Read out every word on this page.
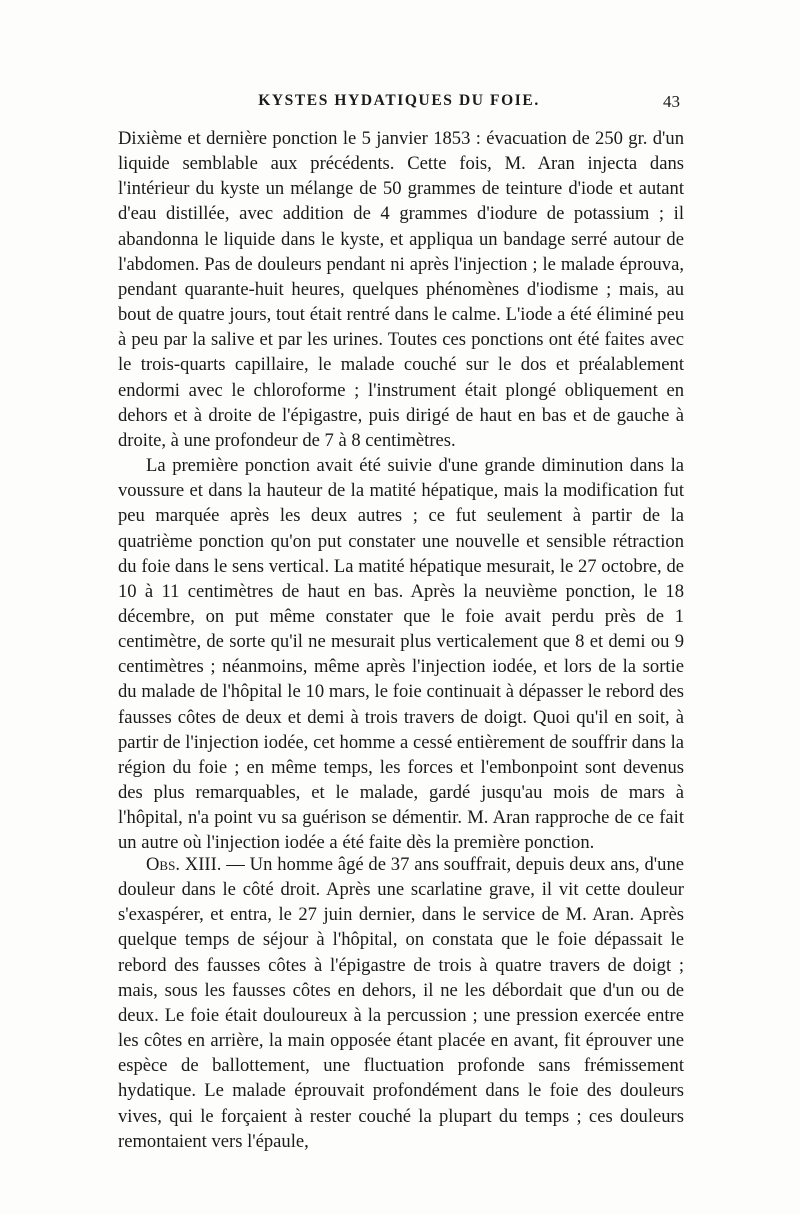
KYSTES HYDATIQUES DU FOIE.	43

Dixième et dernière ponction le 5 janvier 1853 : évacuation de 250 gr. d'un liquide semblable aux précédents. Cette fois, M. Aran injecta dans l'intérieur du kyste un mélange de 50 grammes de teinture d'iode et autant d'eau distillée, avec addition de 4 grammes d'iodure de potassium ; il abandonna le liquide dans le kyste, et appliqua un bandage serré autour de l'abdomen. Pas de douleurs pendant ni après l'injection ; le malade éprouva, pendant quarante-huit heures, quelques phénomènes d'iodisme ; mais, au bout de quatre jours, tout était rentré dans le calme. L'iode a été éliminé peu à peu par la salive et par les urines. Toutes ces ponctions ont été faites avec le trois-quarts capillaire, le malade couché sur le dos et préalablement endormi avec le chloroforme ; l'instrument était plongé obliquement en dehors et à droite de l'épigastre, puis dirigé de haut en bas et de gauche à droite, à une profondeur de 7 à 8 centimètres.

La première ponction avait été suivie d'une grande diminution dans la voussure et dans la hauteur de la matité hépatique, mais la modification fut peu marquée après les deux autres ; ce fut seulement à partir de la quatrième ponction qu'on put constater une nouvelle et sensible rétraction du foie dans le sens vertical. La matité hépatique mesurait, le 27 octobre, de 10 à 11 centimètres de haut en bas. Après la neuvième ponction, le 18 décembre, on put même constater que le foie avait perdu près de 1 centimètre, de sorte qu'il ne mesurait plus verticalement que 8 et demi ou 9 centimètres ; néanmoins, même après l'injection iodée, et lors de la sortie du malade de l'hôpital le 10 mars, le foie continuait à dépasser le rebord des fausses côtes de deux et demi à trois travers de doigt. Quoi qu'il en soit, à partir de l'injection iodée, cet homme a cessé entièrement de souffrir dans la région du foie ; en même temps, les forces et l'embonpoint sont devenus des plus remarquables, et le malade, gardé jusqu'au mois de mars à l'hôpital, n'a point vu sa guérison se démentir. M. Aran rapproche de ce fait un autre où l'injection iodée a été faite dès la première ponction.

Obs. XIII. — Un homme âgé de 37 ans souffrait, depuis deux ans, d'une douleur dans le côté droit. Après une scarlatine grave, il vit cette douleur s'exaspérer, et entra, le 27 juin dernier, dans le service de M. Aran. Après quelque temps de séjour à l'hôpital, on constata que le foie dépassait le rebord des fausses côtes à l'épigastre de trois à quatre travers de doigt ; mais, sous les fausses côtes en dehors, il ne les débordait que d'un ou de deux. Le foie était douloureux à la percussion ; une pression exercée entre les côtes en arrière, la main opposée étant placée en avant, fit éprouver une espèce de ballottement, une fluctuation profonde sans frémissement hydatique. Le malade éprouvait profondément dans le foie des douleurs vives, qui le forçaient à rester couché la plupart du temps ; ces douleurs remontaient vers l'épaule,
